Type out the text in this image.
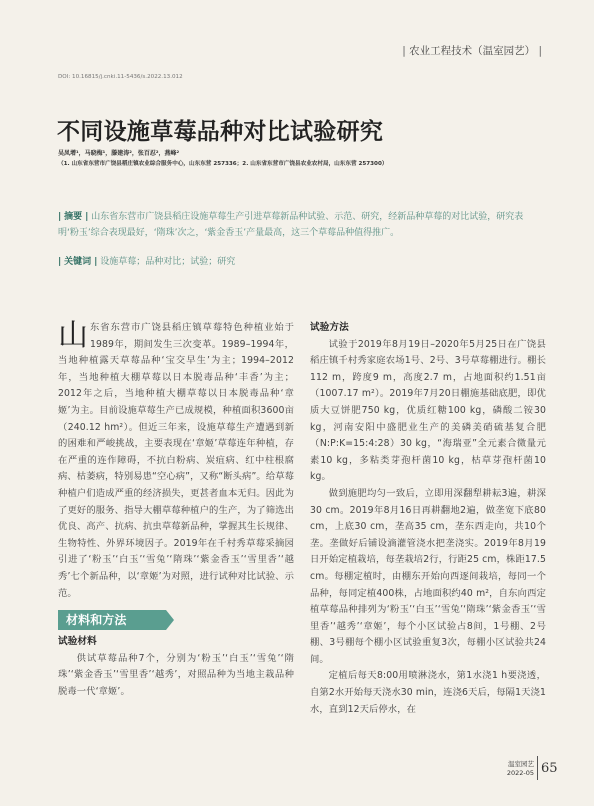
| 农业工程技术（温室园艺） |
DOI: 10.16815/j.cnki.11-5436/s.2022.13.012
不同设施草莓品种对比试验研究
吴凤增¹，马晓梅¹，滕建涛²，张百忍²，燕峰²
（1. 山东省东营市广饶县稻庄镇农业综合服务中心，山东东营 257336；2. 山东省东营市广饶县农业农村局，山东东营 257300）
| 摘要 | 山东省东营市广饶县稻庄设施草莓生产引进草莓新品种试验、示范、研究，经新品种草莓的对比试验，研究表明‘粉玉’综合表现最好，‘隋珠’次之，‘紫金香玉’产量最高，这三个草莓品种值得推广。
| 关键词 | 设施草莓；品种对比；试验；研究

山东省东营市广饶县稻庄镇草莓特色种植业始于1989年，期间发生三次变革。1989–1994年，当地种植露天草莓品种‘宝交早生’为主；1994–2012年，当地种植大棚草莓以日本脱毒品种‘丰香’为主；2012年之后，当地种植大棚草莓以日本脱毒品种‘章姬’为主。目前设施草莓生产已成规模，种植面积3600亩（240.12 hm²）。但近三年来，设施草莓生产遭遇到新的困难和严峻挑战，主要表现在‘章姬’草莓连年种植，存在严重的连作障碍，不抗白粉病、炭疽病、红中柱根腐病、枯萎病，特别易患“空心病”，又称“断头病”。给草莓种植户们造成严重的经济损失，更甚者血本无归。因此为了更好的服务、指导大棚草莓种植户的生产，为了筛选出优良、高产、抗病、抗虫草莓新品种，掌握其生长规律、生物特性、外界环境因子。2019年在千村秀草莓采摘园引进了‘粉玉’‘白玉’‘雪兔’‘隋珠’‘紫金香玉’‘雪里香’‘越秀’七个新品种，以‘章姬’为对照，进行试种对比试验、示范。

材料和方法

试验材料

供试草莓品种7个，分别为‘粉玉’‘白玉’‘雪兔’‘隋珠’‘紫金香玉’‘雪里香’‘越秀’，对照品种为当地主栽品种脱毒一代‘章姬’。

试验方法

试验于2019年8月19日–2020年5月25日在广饶县稻庄镇千村秀家庭农场1号、2号、3号草莓棚进行。棚长112 m，跨度9 m，高度2.7 m，占地面积约1.51亩（1007.17 m²）。2019年7月20日棚施基础底肥，即优质大豆饼肥750 kg，优质红糖100 kg，磷酸二铵30 kg，河南安阳中盛肥业生产的美磷美硝硫基复合肥（N:P:K=15:4:28）30 kg，“海瑞亚”全元素合微量元素10 kg，多粘类芽孢杆菌10 kg，枯草芽孢杆菌10 kg。

做到施肥均匀一致后，立即用深翻犁耕耘3遍，耕深30 cm。2019年8月16日再耕翻地2遍，做垄宽下底80 cm，上底30 cm，垄高35 cm，垄东西走向，共10个垄。垄做好后铺设滴灌管浇水把垄浇实。2019年8月19日开始定植栽培，每垄栽培2行，行距25 cm，株距17.5 cm。每棚定植时，由棚东开始向西逐间栽培，每同一个品种，每同定植400株，占地面积约40 m²，自东向西定植草莓品种排列为‘粉玉’‘白玉’‘雪兔’‘隋珠’‘紫金香玉’‘雪里香’‘越秀’‘章姬’，每个小区试验占8间，1号棚、2号棚、3号棚每个棚小区试验重复3次，每棚小区试验共24间。

定植后每天8:00用喷淋浇水，第1水浇1 h要浇透，自第2水开始每天浇水30 min，连浇6天后，每隔1天浇1水，直到12天后停水，在

温室园艺
2022-05 65
